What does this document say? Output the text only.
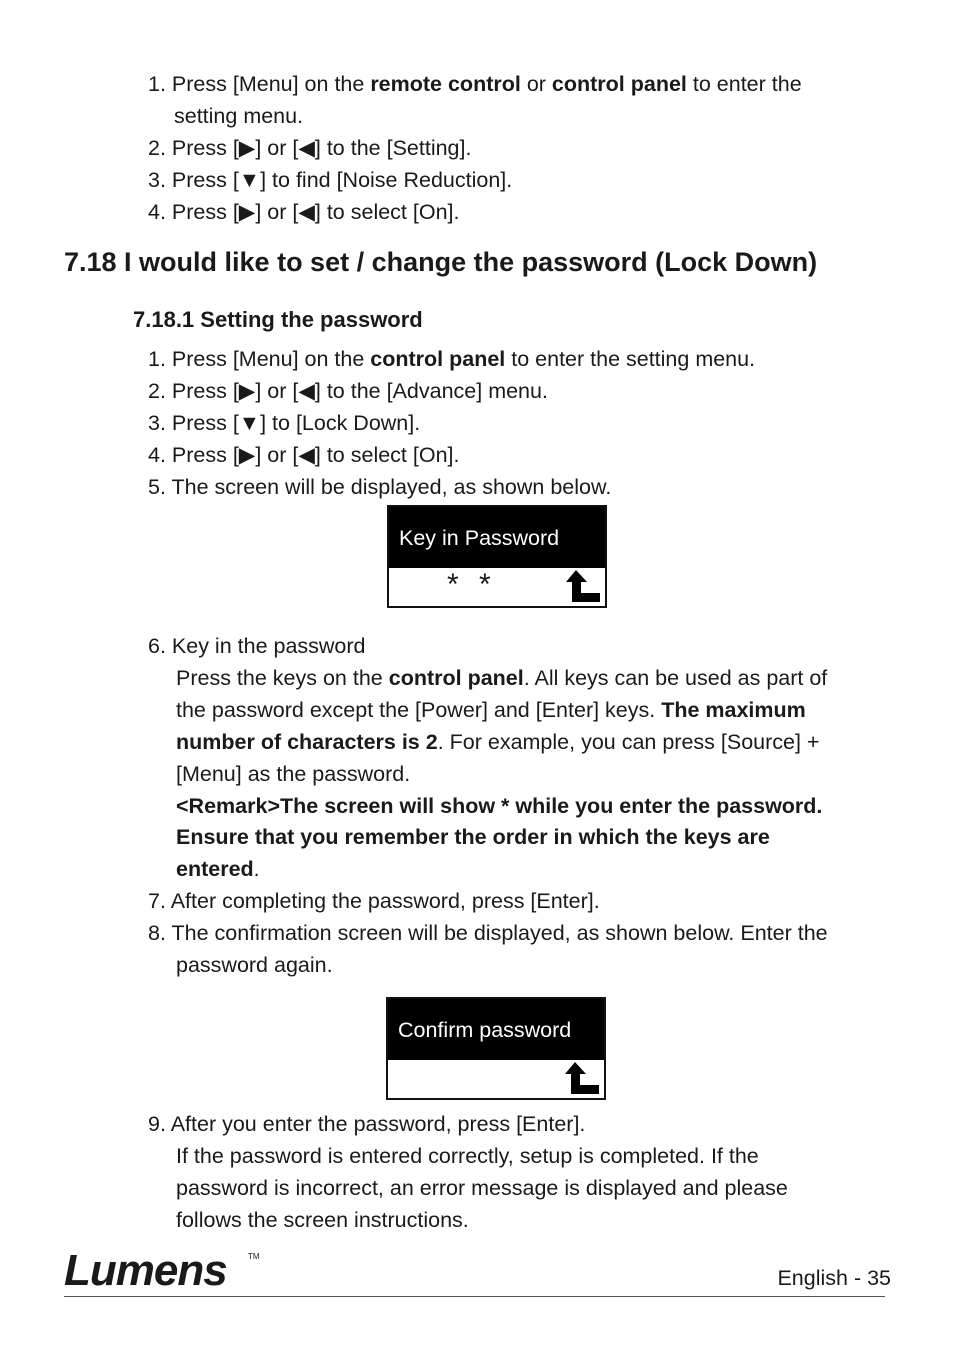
1. Press [Menu] on the remote control or control panel to enter the
setting menu.
2. Press [▶] or [◀] to the [Setting].
3. Press [▼] to find [Noise Reduction].
4. Press [▶] or [◀] to select [On].
7.18 I would like to set / change the password (Lock Down)
7.18.1 Setting the password
1. Press [Menu] on the control panel to enter the setting menu.
2. Press [▶] or [◀] to the [Advance] menu.
3. Press [▼] to [Lock Down].
4. Press [▶] or [◀] to select [On].
5. The screen will be displayed, as shown below.
Key in Password
* *
6. Key in the password
Press the keys on the control panel. All keys can be used as part of
the password except the [Power] and [Enter] keys. The maximum
number of characters is 2. For example, you can press [Source] +
[Menu] as the password.
<Remark>The screen will show * while you enter the password.
Ensure that you remember the order in which the keys are
entered.
7. After completing the password, press [Enter].
8. The confirmation screen will be displayed, as shown below. Enter the
password again.
Confirm password
9. After you enter the password, press [Enter].
If the password is entered correctly, setup is completed. If the
password is incorrect, an error message is displayed and please
follows the screen instructions.
Lumens	TM
English - 35
